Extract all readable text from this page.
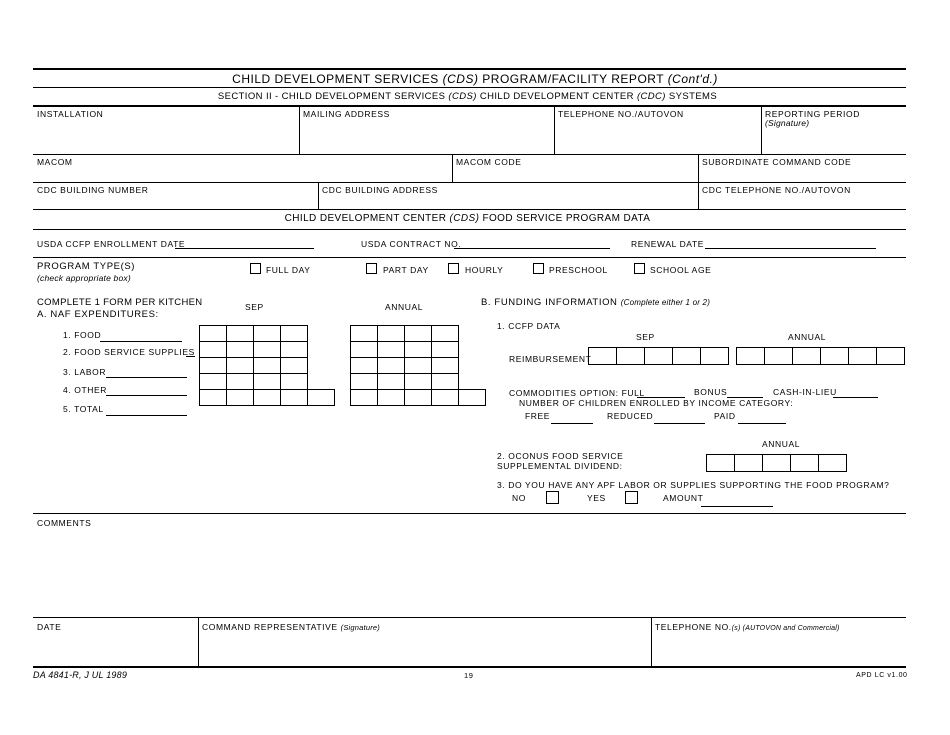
CHILD DEVELOPMENT SERVICES (CDS) PROGRAM/FACILITY REPORT (Cont'd.)
SECTION II - CHILD DEVELOPMENT SERVICES (CDS) CHILD DEVELOPMENT CENTER (CDC) SYSTEMS
INSTALLATION	MAILING ADDRESS	TELEPHONE NO./AUTOVON	REPORTING PERIOD
(Signature)
MACOM	MACOM CODE	SUBORDINATE COMMAND CODE
CDC BUILDING NUMBER	CDC BUILDING ADDRESS	CDC TELEPHONE NO./AUTOVON
CHILD DEVELOPMENT CENTER (CDS) FOOD SERVICE PROGRAM DATA
USDA CCFP ENROLLMENT DATE	USDA CONTRACT NO.	RENEWAL DATE
PROGRAM TYPE(S)
(check appropriate box)
FULL DAY	PART DAY	HOURLY	PRESCHOOL	SCHOOL AGE
COMPLETE 1 FORM PER KITCHEN
A. NAF EXPENDITURES:
SEP	ANNUAL
1. FOOD
2. FOOD SERVICE SUPPLIES
3. LABOR
4. OTHER
5. TOTAL
B. FUNDING INFORMATION (Complete either 1 or 2)
1. CCFP DATA
SEP	ANNUAL
REIMBURSEMENT
COMMODITIES OPTION: FULL	BONUS	CASH-IN-LIEU
NUMBER OF CHILDREN ENROLLED BY INCOME CATEGORY:
FREE	REDUCED	PAID
ANNUAL
2. OCONUS FOOD SERVICE
SUPPLEMENTAL DIVIDEND:
3. DO YOU HAVE ANY APF LABOR OR SUPPLIES SUPPORTING THE FOOD PROGRAM?
NO	YES	AMOUNT
COMMENTS
DATE	COMMAND REPRESENTATIVE (Signature)	TELEPHONE NO.(s) (AUTOVON and Commercial)
DA 4841-R, J UL 1989	19	APD LC v1.00
